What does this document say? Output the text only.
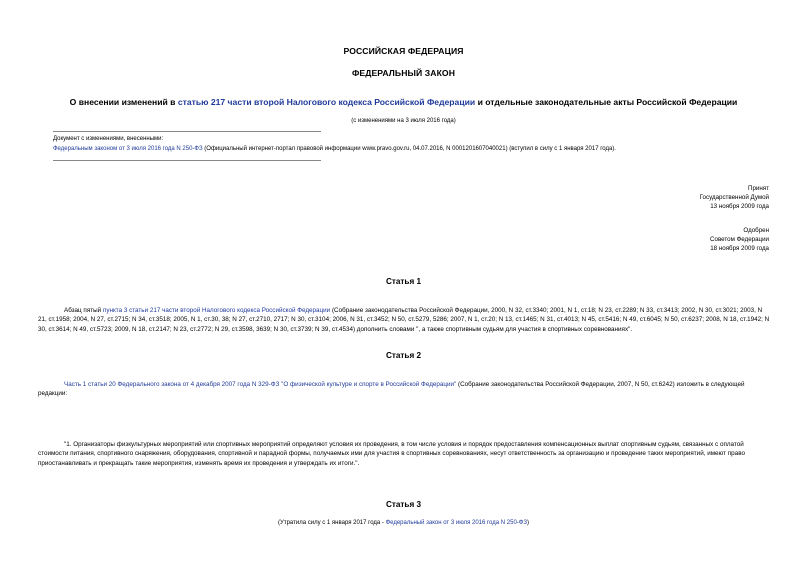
РОССИЙСКАЯ ФЕДЕРАЦИЯ
ФЕДЕРАЛЬНЫЙ ЗАКОН
О внесении изменений в статью 217 части второй Налогового кодекса Российской Федерации и отдельные законодательные акты Российской Федерации
(с изменениями на 3 июля 2016 года)
Документ с изменениями, внесенными:
Федеральным законом от 3 июля 2016 года N 250-ФЗ (Официальный интернет-портал правовой информации www.pravo.gov.ru, 04.07.2016, N 0001201607040021) (вступил в силу с 1 января 2017 года).
Принят
Государственной Думой
13 ноября 2009 года
Одобрен
Советом Федерации
18 ноября 2009 года
Статья 1
Абзац пятый пункта 3 статьи 217 части второй Налогового кодекса Российской Федерации (Собрание законодательства Российской Федерации, 2000, N 32, ст.3340; 2001, N 1, ст.18; N 23, ст.2289; N 33, ст.3413; 2002, N 30, ст.3021; 2003, N 21, ст.1958; 2004, N 27, ст.2715; N 34, ст.3518; 2005, N 1, ст.30, 38; N 27, ст.2710, 2717; N 30, ст.3104; 2006, N 31, ст.3452; N 50, ст.5279, 5286; 2007, N 1, ст.20; N 13, ст.1465; N 31, ст.4013; N 45, ст.5416; N 49, ст.6045; N 50, ст.6237; 2008, N 18, ст.1942; N 30, ст.3614; N 49, ст.5723; 2009, N 18, ст.2147; N 23, ст.2772; N 29, ст.3598, 3639; N 30, ст.3739; N 39, ст.4534) дополнить словами ", а также спортивным судьям для участия в спортивных соревнованиях".
Статья 2
Часть 1 статьи 20 Федерального закона от 4 декабря 2007 года N 329-ФЗ "О физической культуре и спорте в Российской Федерации" (Собрание законодательства Российской Федерации, 2007, N 50, ст.6242) изложить в следующей редакции:
"1. Организаторы физкультурных мероприятий или спортивных мероприятий определяют условия их проведения, в том числе условия и порядок предоставления компенсационных выплат спортивным судьям, связанных с оплатой стоимости питания, спортивного снаряжения, оборудования, спортивной и парадной формы, получаемых ими для участия в спортивных соревнованиях, несут ответственность за организацию и проведение таких мероприятий, имеют право приостанавливать и прекращать такие мероприятия, изменять время их проведения и утверждать их итоги.".
Статья 3
(Утратила силу с 1 января 2017 года - Федеральный закон от 3 июля 2016 года N 250-ФЗ)
